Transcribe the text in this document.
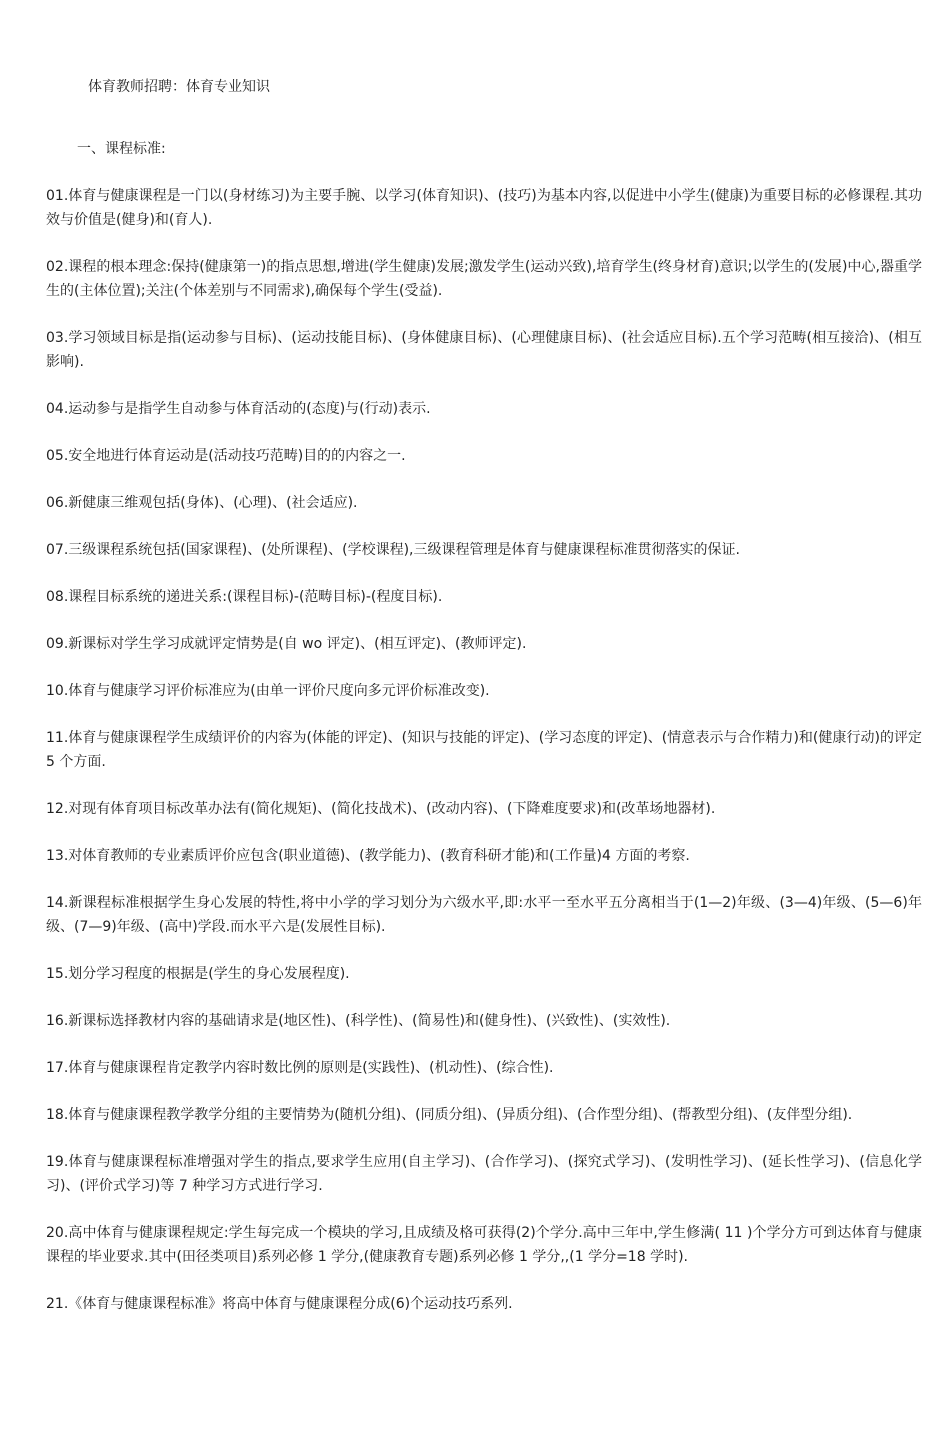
体育教师招聘：体育专业知识
一、课程标准:
01.体育与健康课程是一门以(身材练习)为主要手腕、以学习(体育知识)、(技巧)为基本内容,以促进中小学生(健康)为重要目标的必修课程.其功效与价值是(健身)和(育人).
02.课程的根本理念:保持(健康第一)的指点思想,增进(学生健康)发展;激发学生(运动兴致),培育学生(终身材育)意识;以学生的(发展)中心,器重学生的(主体位置);关注(个体差别与不同需求),确保每个学生(受益).
03.学习领域目标是指(运动参与目标)、(运动技能目标)、(身体健康目标)、(心理健康目标)、(社会适应目标).五个学习范畴(相互接洽)、(相互影响).
04.运动参与是指学生自动参与体育活动的(态度)与(行动)表示.
05.安全地进行体育运动是(活动技巧范畴)目的的内容之一.
06.新健康三维观包括(身体)、(心理)、(社会适应).
07.三级课程系统包括(国家课程)、(处所课程)、(学校课程),三级课程管理是体育与健康课程标准贯彻落实的保证.
08.课程目标系统的递进关系:(课程目标)-(范畴目标)-(程度目标).
09.新课标对学生学习成就评定情势是(自 wo 评定)、(相互评定)、(教师评定).
10.体育与健康学习评价标准应为(由单一评价尺度向多元评价标准改变).
11.体育与健康课程学生成绩评价的内容为(体能的评定)、(知识与技能的评定)、(学习态度的评定)、(情意表示与合作精力)和(健康行动)的评定 5 个方面.
12.对现有体育项目标改革办法有(简化规矩)、(简化技战术)、(改动内容)、(下降难度要求)和(改革场地器材).
13.对体育教师的专业素质评价应包含(职业道德)、(教学能力)、(教育科研才能)和(工作量)4 方面的考察.
14.新课程标准根据学生身心发展的特性,将中小学的学习划分为六级水平,即:水平一至水平五分离相当于(1—2)年级、(3—4)年级、(5—6)年级、(7—9)年级、(高中)学段.而水平六是(发展性目标).
15.划分学习程度的根据是(学生的身心发展程度).
16.新课标选择教材内容的基础请求是(地区性)、(科学性)、(简易性)和(健身性)、(兴致性)、(实效性).
17.体育与健康课程肯定教学内容时数比例的原则是(实践性)、(机动性)、(综合性).
18.体育与健康课程教学教学分组的主要情势为(随机分组)、(同质分组)、(异质分组)、(合作型分组)、(帮教型分组)、(友伴型分组).
19.体育与健康课程标准增强对学生的指点,要求学生应用(自主学习)、(合作学习)、(探究式学习)、(发明性学习)、(延长性学习)、(信息化学习)、(评价式学习)等 7 种学习方式进行学习.
20.高中体育与健康课程规定:学生每完成一个模块的学习,且成绩及格可获得(2)个学分.高中三年中,学生修满( 11 )个学分方可到达体育与健康课程的毕业要求.其中(田径类项目)系列必修 1 学分,(健康教育专题)系列必修 1 学分,,(1 学分=18 学时).
21.《体育与健康课程标准》将高中体育与健康课程分成(6)个运动技巧系列.
